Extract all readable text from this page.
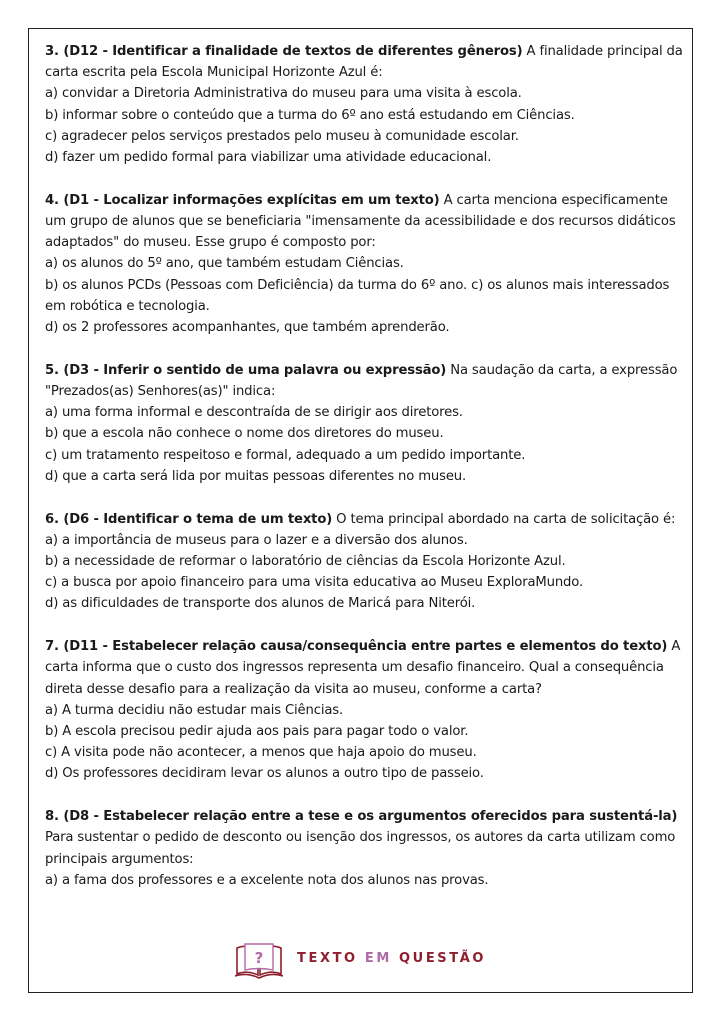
3. (D12 - Identificar a finalidade de textos de diferentes gêneros) A finalidade principal da carta escrita pela Escola Municipal Horizonte Azul é:

a) convidar a Diretoria Administrativa do museu para uma visita à escola.

b) informar sobre o conteúdo que a turma do 6º ano está estudando em Ciências.

c) agradecer pelos serviços prestados pelo museu à comunidade escolar.

d) fazer um pedido formal para viabilizar uma atividade educacional.

4. (D1 - Localizar informações explícitas em um texto) A carta menciona especificamente um grupo de alunos que se beneficiaria "imensamente da acessibilidade e dos recursos didáticos adaptados" do museu. Esse grupo é composto por:

a) os alunos do 5º ano, que também estudam Ciências.

b) os alunos PCDs (Pessoas com Deficiência) da turma do 6º ano. c) os alunos mais interessados em robótica e tecnologia.

d) os 2 professores acompanhantes, que também aprenderão.

5. (D3 - Inferir o sentido de uma palavra ou expressão) Na saudação da carta, a expressão "Prezados(as) Senhores(as)" indica:

a) uma forma informal e descontraída de se dirigir aos diretores.

b) que a escola não conhece o nome dos diretores do museu.

c) um tratamento respeitoso e formal, adequado a um pedido importante.

d) que a carta será lida por muitas pessoas diferentes no museu.

6. (D6 - Identificar o tema de um texto) O tema principal abordado na carta de solicitação é:

a) a importância de museus para o lazer e a diversão dos alunos.

b) a necessidade de reformar o laboratório de ciências da Escola Horizonte Azul.

c) a busca por apoio financeiro para uma visita educativa ao Museu ExploraMundo.

d) as dificuldades de transporte dos alunos de Maricá para Niterói.

7. (D11 - Estabelecer relação causa/consequência entre partes e elementos do texto) A carta informa que o custo dos ingressos representa um desafio financeiro. Qual a consequência direta desse desafio para a realização da visita ao museu, conforme a carta?

a) A turma decidiu não estudar mais Ciências.

b) A escola precisou pedir ajuda aos pais para pagar todo o valor.

c) A visita pode não acontecer, a menos que haja apoio do museu.

d) Os professores decidiram levar os alunos a outro tipo de passeio.

8. (D8 - Estabelecer relação entre a tese e os argumentos oferecidos para sustentá-la)

Para sustentar o pedido de desconto ou isenção dos ingressos, os autores da carta utilizam como principais argumentos:

a) a fama dos professores e a excelente nota dos alunos nas provas.

?	TEXTO EM QUESTÃO
